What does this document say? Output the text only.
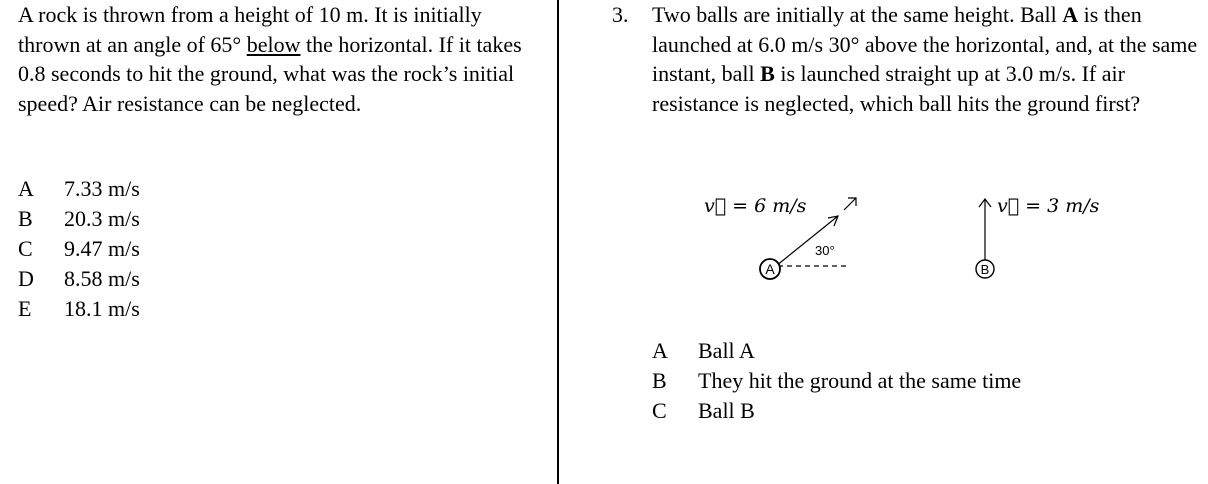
A rock is thrown from a height of 10 m. It is initially thrown at an angle of 65° below the horizontal. If it takes 0.8 seconds to hit the ground, what was the rock’s initial speed? Air resistance can be neglected.

A	7.33 m/s
B	20.3 m/s
C	9.47 m/s
D	8.58 m/s
E	18.1 m/s
3. Two balls are initially at the same height. Ball A is then launched at 6.0 m/s 30° above the horizontal, and, at the same instant, ball B is launched straight up at 3.0 m/s. If air resistance is neglected, which ball hits the ground first?

v⃗ = 6 m/s
30°
A
v⃗ = 3 m/s
B
A	Ball A
B	They hit the ground at the same time
C	Ball B
